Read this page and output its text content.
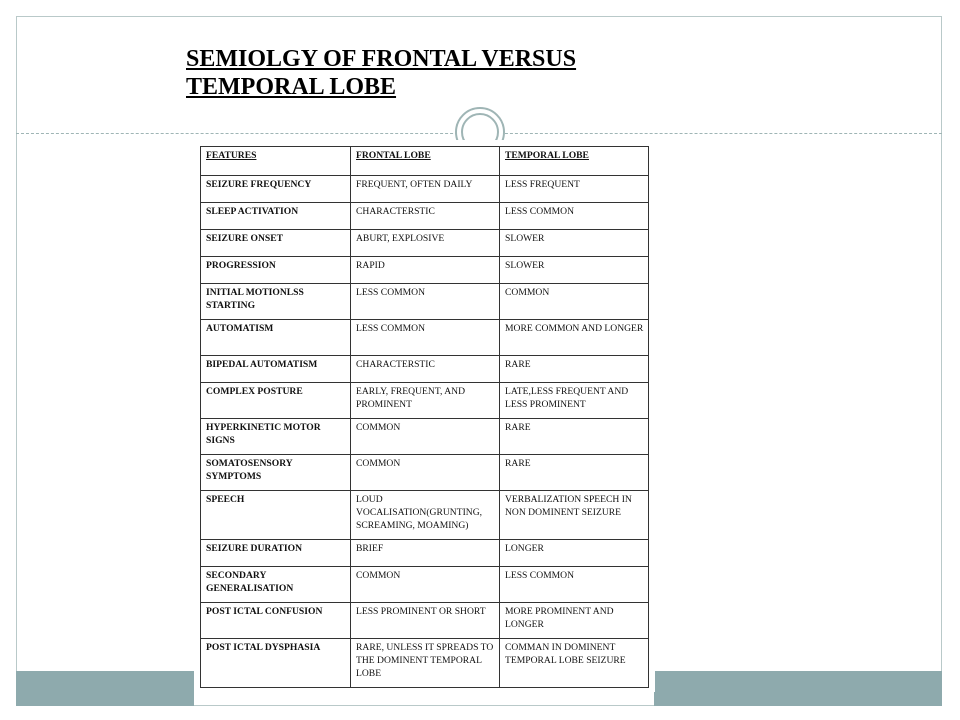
SEMIOLGY OF FRONTAL VERSUS
TEMPORAL LOBE
FEATURES	FRONTAL LOBE	TEMPORAL LOBE
SEIZURE FREQUENCY	FREQUENT, OFTEN DAILY	LESS FREQUENT
SLEEP ACTIVATION	CHARACTERSTIC	LESS COMMON
SEIZURE ONSET	ABURT, EXPLOSIVE	SLOWER
PROGRESSION	RAPID	SLOWER
INITIAL MOTIONLSS STARTING	LESS COMMON	COMMON
AUTOMATISM	LESS COMMON	MORE COMMON AND LONGER
BIPEDAL AUTOMATISM	CHARACTERSTIC	RARE
COMPLEX POSTURE	EARLY, FREQUENT, AND PROMINENT	LATE,LESS FREQUENT AND LESS PROMINENT
HYPERKINETIC MOTOR SIGNS	COMMON	RARE
SOMATOSENSORY SYMPTOMS	COMMON	RARE
SPEECH	LOUD VOCALISATION(GRUNTING, SCREAMING, MOAMING)	VERBALIZATION SPEECH IN NON DOMINENT SEIZURE
SEIZURE DURATION	BRIEF	LONGER
SECONDARY GENERALISATION	COMMON	LESS COMMON
POST ICTAL CONFUSION	LESS PROMINENT OR SHORT	MORE PROMINENT AND LONGER
POST ICTAL DYSPHASIA	RARE, UNLESS IT SPREADS TO THE DOMINENT TEMPORAL LOBE	COMMAN IN DOMINENT TEMPORAL LOBE SEIZURE
